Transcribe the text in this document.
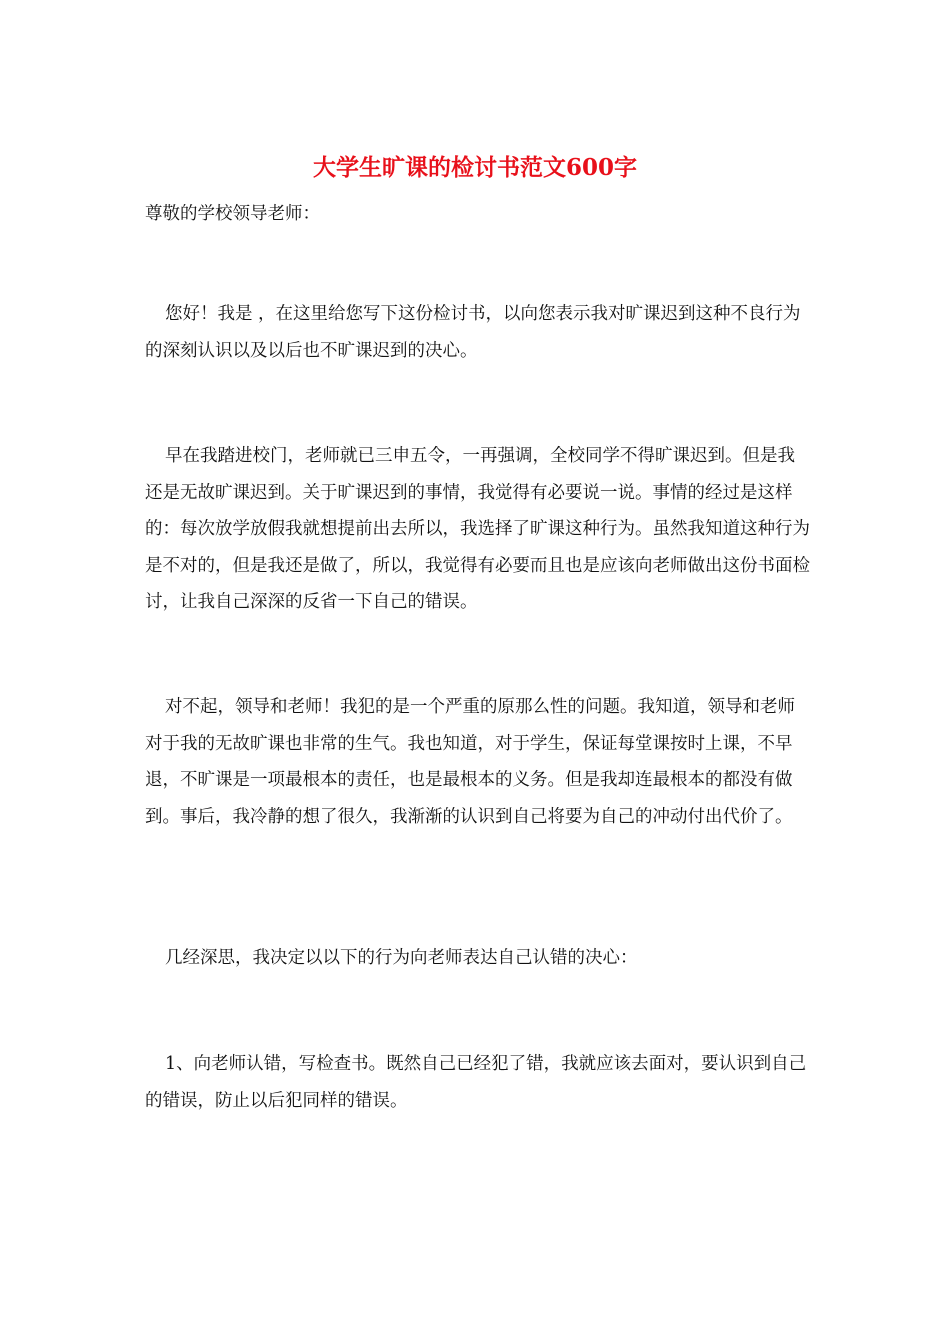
大学生旷课的检讨书范文600字
尊敬的学校领导老师：

您好！我是 ，在这里给您写下这份检讨书，以向您表示我对旷课迟到这种不良行为的深刻认识以及以后也不旷课迟到的决心。

早在我踏进校门，老师就已三申五令，一再强调，全校同学不得旷课迟到。但是我还是无故旷课迟到。关于旷课迟到的事情，我觉得有必要说一说。事情的经过是这样的：每次放学放假我就想提前出去所以，我选择了旷课这种行为。虽然我知道这种行为是不对的，但是我还是做了，所以，我觉得有必要而且也是应该向老师做出这份书面检讨，让我自己深深的反省一下自己的错误。

对不起，领导和老师！我犯的是一个严重的原那么性的问题。我知道，领导和老师对于我的无故旷课也非常的生气。我也知道，对于学生，保证每堂课按时上课，不早退，不旷课是一项最根本的责任，也是最根本的义务。但是我却连最根本的都没有做到。事后，我冷静的想了很久，我渐渐的认识到自己将要为自己的冲动付出代价了。

几经深思，我决定以以下的行为向老师表达自己认错的决心：

1、向老师认错，写检查书。既然自己已经犯了错，我就应该去面对，要认识到自己的错误，防止以后犯同样的错误。
